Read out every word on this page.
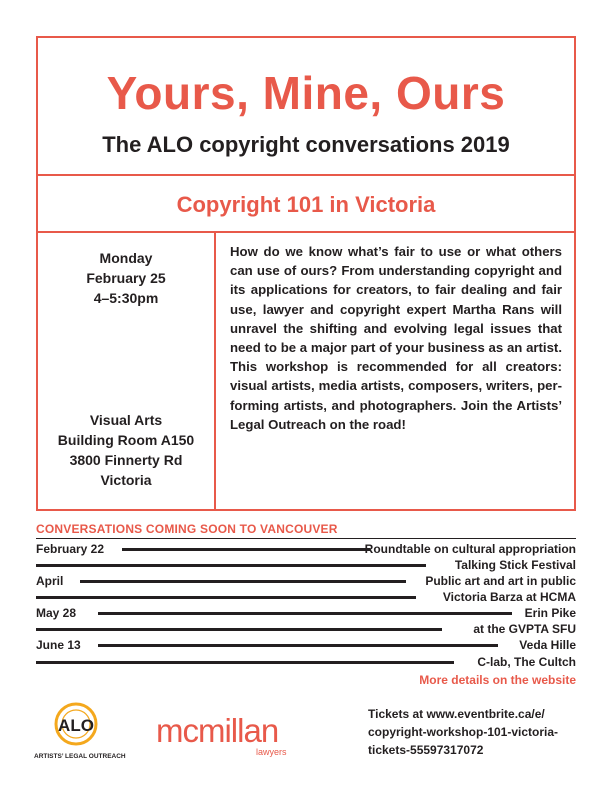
Yours, Mine, Ours
The ALO copyright conversations 2019
Copyright 101 in Victoria
Monday
February 25
4–5:30pm
Visual Arts
Building Room A150
3800 Finnerty Rd
Victoria
How do we know what’s fair to use or what others can use of ours? From understanding copyright and its applications for creators, to fair dealing and fair use, lawyer and copyright expert Martha Rans will unravel the shifting and evolving legal issues that need to be a major part of your business as an artist. This workshop is recommended for all creators: visual artists, media artists, composers, writers, performing artists, and photographers. Join the Artists’ Legal Outreach on the road!
CONVERSATIONS COMING SOON TO VANCOUVER
February 22	Roundtable on cultural appropriation
Talking Stick Festival
April	Public art and art in public
Victoria Barza at HCMA
May 28	Erin Pike
at the GVPTA SFU
June 13	Veda Hille
C-lab, The Cultch
More details on the website
ALO
ARTISTS’ LEGAL OUTREACH
mcmillan
lawyers
Tickets at www.eventbrite.ca/e/
copyright-workshop-101-victoria-
tickets-55597317072
